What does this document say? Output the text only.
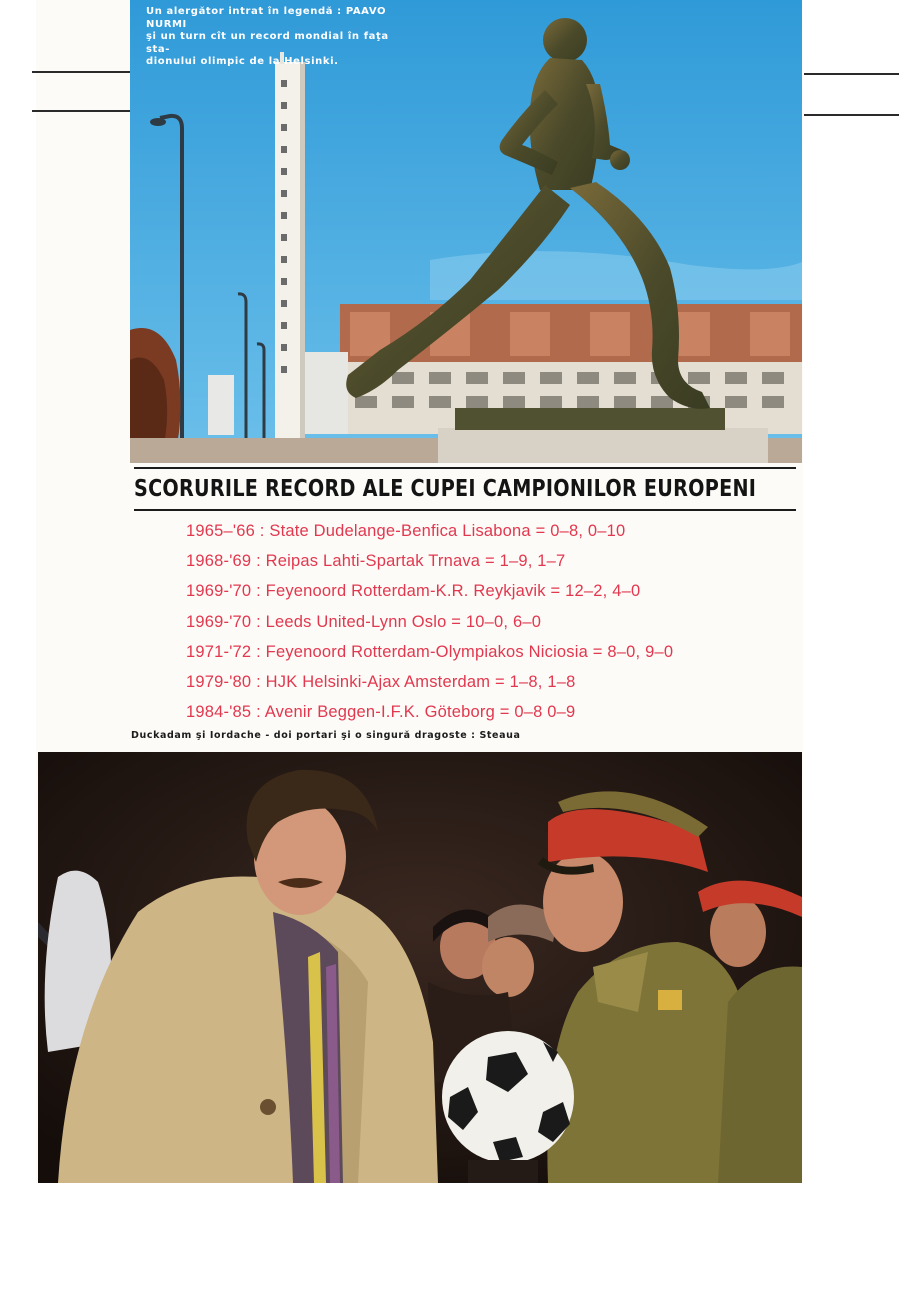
Un alergător intrat în legendă : PAAVO NURMI
şi un turn cît un record mondial în faţa sta-
dionului olimpic de la Helsinki.
SCORURILE RECORD ALE CUPEI CAMPIONILOR EUROPENI
1965–'66 : State Dudelange-Benfica Lisabona = 0–8, 0–10
1968-'69 : Reipas Lahti-Spartak Trnava = 1–9, 1–7
1969-'70 : Feyenoord Rotterdam-K.R. Reykjavik = 12–2, 4–0
1969-'70 : Leeds United-Lynn Oslo = 10–0, 6–0
1971-'72 : Feyenoord Rotterdam-Olympiakos Niciosia = 8–0, 9–0
1979-'80 : HJK Helsinki-Ajax Amsterdam = 1–8, 1–8
1984-'85 : Avenir Beggen-I.F.K. Göteborg = 0–8 0–9
Duckadam şi Iordache - doi portari şi o singură dragoste : Steaua
